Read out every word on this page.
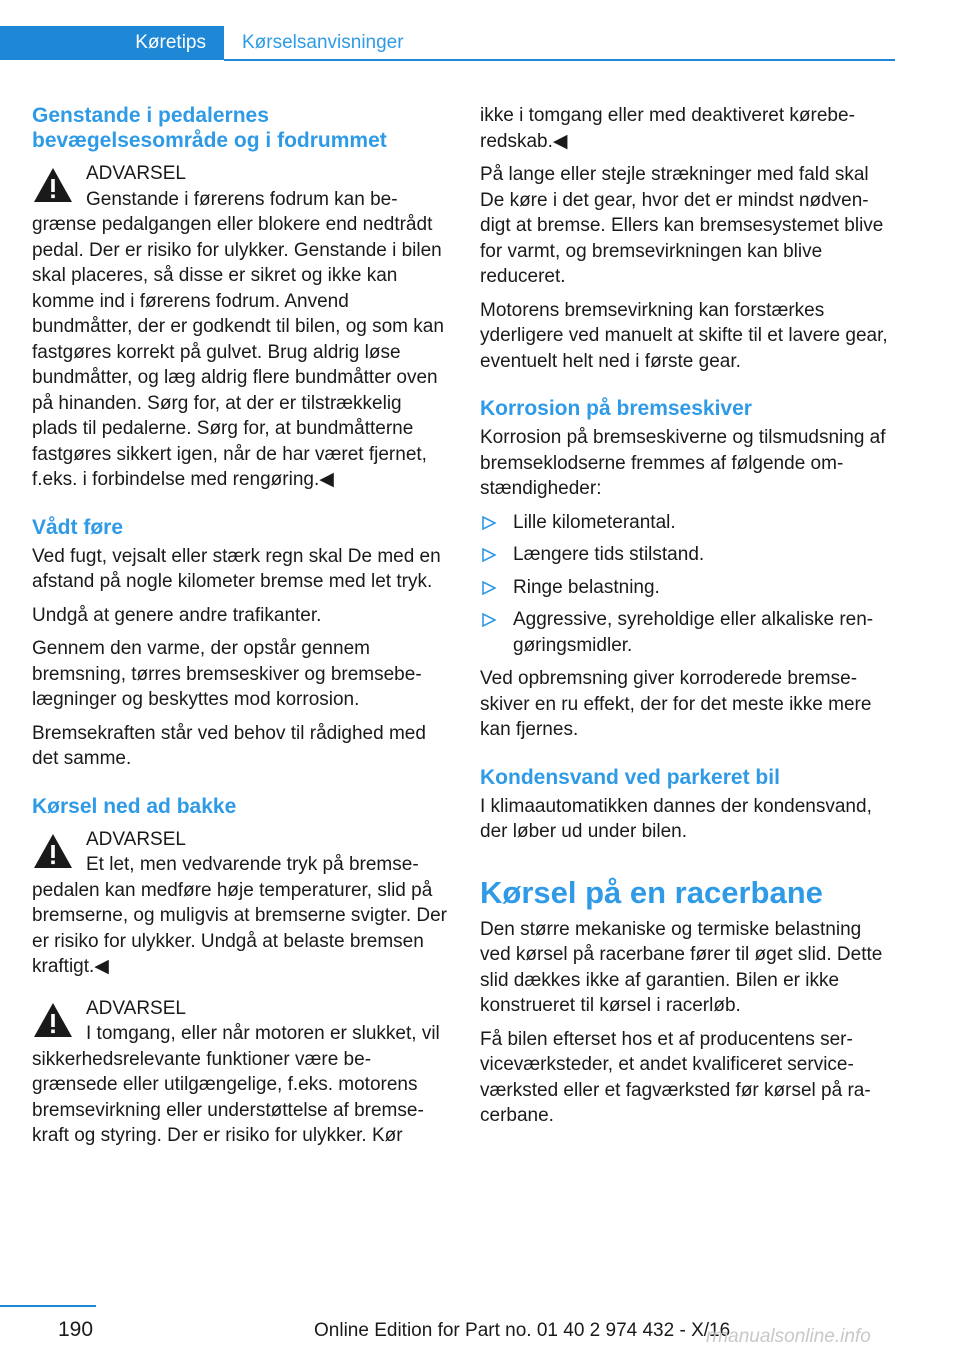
Køretips	Kørselsanvisninger
Genstande i pedalernes
bevægelsesområde og i fodrummet
ADVARSEL
Genstande i førerens fodrum kan begrænse pedalgangen eller blokere end nedtrådt pedal. Der er risiko for ulykker. Genstande i bilen skal placeres, så disse er sikret og ikke kan komme ind i førerens fodrum. Anvend bundmåtter, der er godkendt til bilen, og som kan fastgøres korrekt på gulvet. Brug aldrig løse bundmåtter, og læg aldrig flere bundmåtter oven på hinanden. Sørg for, at der er tilstrækkelig plads til pedalerne. Sørg for, at bundmåtterne fastgøres sikkert igen, når de har været fjernet, f.eks. i forbindelse med rengøring.◀
Vådt føre

Ved fugt, vejsalt eller stærk regn skal De med en afstand på nogle kilometer bremse med let tryk.

Undgå at genere andre trafikanter.

Gennem den varme, der opstår gennem bremsning, tørres bremseskiver og bremsebelægninger og beskyttes mod korrosion.

Bremsekraften står ved behov til rådighed med det samme.

Kørsel ned ad bakke
ADVARSEL
Et let, men vedvarende tryk på bremsepedalen kan medføre høje temperaturer, slid på bremserne, og muligvis at bremserne svigter. Der er risiko for ulykker. Undgå at belaste bremsen kraftigt.◀
ADVARSEL
I tomgang, eller når motoren er slukket, vil sikkerhedsrelevante funktioner være begrænsede eller utilgængelige, f.eks. motorens bremsevirkning eller understøttelse af bremsekraft og styring. Der er risiko for ulykker. Kør

ikke i tomgang eller med deaktiveret køreberedskab.◀

På lange eller stejle strækninger med fald skal De køre i det gear, hvor det er mindst nødvendigt at bremse. Ellers kan bremsesystemet blive for varmt, og bremsevirkningen kan blive reduceret.

Motorens bremsevirkning kan forstærkes yderligere ved manuelt at skifte til et lavere gear, eventuelt helt ned i første gear.

Korrosion på bremseskiver

Korrosion på bremseskiverne og tilsmudsning af bremseklodserne fremmes af følgende omstændigheder:

Lille kilometerantal.
Længere tids stilstand.
Ringe belastning.
Aggressive, syreholdige eller alkaliske rengøringsmidler.

Ved opbremsning giver korroderede bremseskiver en ru effekt, der for det meste ikke mere kan fjernes.

Kondensvand ved parkeret bil

I klimaautomatikken dannes der kondensvand, der løber ud under bilen.

Kørsel på en racerbane

Den større mekaniske og termiske belastning ved kørsel på racerbane fører til øget slid. Dette slid dækkes ikke af garantien. Bilen er ikke konstrueret til kørsel i racerløb.

Få bilen efterset hos et af producentens serviceværksteder, et andet kvalificeret serviceværksted eller et fagværksted før kørsel på racerbane.

190	Online Edition for Part no. 01 40 2 974 432 - X/16
rmanualsonline.info
